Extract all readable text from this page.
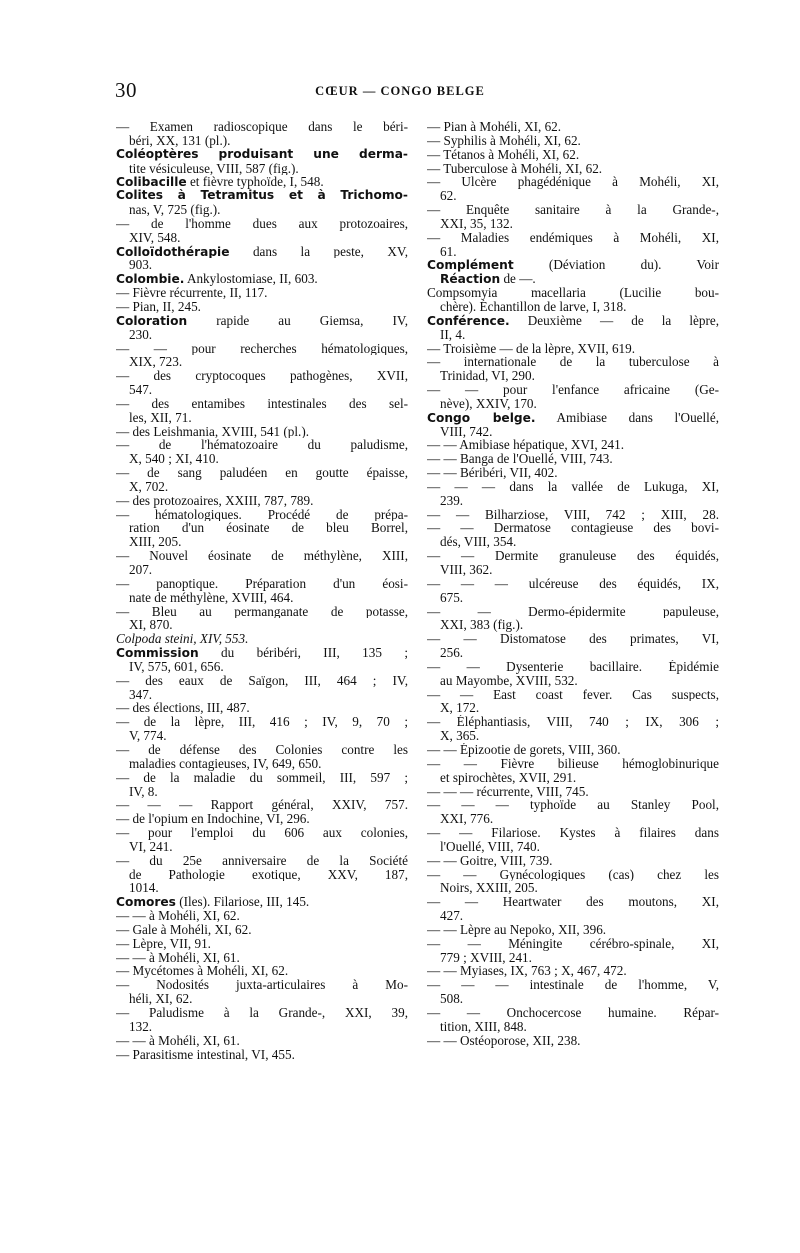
30	CŒUR — CONGO BELGE
— Examen radioscopique dans le béri-
béri, XX, 131 (pl.).
Coléoptères produisant une derma-
tite vésiculeuse, VIII, 587 (fig.).
Colibacille et fièvre typhoïde, I, 548.
Colites à Tetramitus et à Trichomo-
nas, V, 725 (fig.).
— de l'homme dues aux protozoaires,
XIV, 548.
Colloïdothérapie dans la peste, XV,
903.
Colombie. Ankylostomiase, II, 603.
— Fièvre récurrente, II, 117.
— Pian, II, 245.
Coloration rapide au Giemsa, IV,
230.
— — pour recherches hématologiques,
XIX, 723.
— des cryptocoques pathogènes, XVII,
547.
— des entamibes intestinales des sel-
les, XII, 71.
— des Leishmania, XVIII, 541 (pl.).
— de l'hématozoaire du paludisme,
X, 540 ; XI, 410.
— de sang paludéen en goutte épaisse,
X, 702.
— des protozoaires, XXIII, 787, 789.
— hématologiques. Procédé de prépa-
ration d'un éosinate de bleu Borrel,
XIII, 205.
— Nouvel éosinate de méthylène, XIII,
207.
— panoptique. Préparation d'un éosi-
nate de méthylène, XVIII, 464.
— Bleu au permanganate de potasse,
XI, 870.
Colpoda steini, XIV, 553.
Commission du béribéri, III, 135 ;
IV, 575, 601, 656.
— des eaux de Saïgon, III, 464 ; IV,
347.
— des élections, III, 487.
— de la lèpre, III, 416 ; IV, 9, 70 ;
V, 774.
— de défense des Colonies contre les
maladies contagieuses, IV, 649, 650.
— de la maladie du sommeil, III, 597 ;
IV, 8.
— — — Rapport général, XXIV, 757.
— de l'opium en Indochine, VI, 296.
— pour l'emploi du 606 aux colonies,
VI, 241.
— du 25e anniversaire de la Société
de Pathologie exotique, XXV, 187,
1014.
Comores (Iles). Filariose, III, 145.
— — à Mohéli, XI, 62.
— Gale à Mohéli, XI, 62.
— Lèpre, VII, 91.
— — à Mohéli, XI, 61.
— Mycétomes à Mohéli, XI, 62.
— Nodosités juxta-articulaires à Mo-
héli, XI, 62.
— Paludisme à la Grande-, XXI, 39,
132.
— — à Mohéli, XI, 61.
— Parasitisme intestinal, VI, 455.
— Pian à Mohéli, XI, 62.
— Syphilis à Mohéli, XI, 62.
— Tétanos à Mohéli, XI, 62.
— Tuberculose à Mohéli, XI, 62.
— Ulcère phagédénique à Mohéli, XI,
62.
— Enquête sanitaire à la Grande-,
XXI, 35, 132.
— Maladies endémiques à Mohéli, XI,
61.
Complément (Déviation du). Voir
Réaction de —.
Compsomyia macellaria (Lucilie bou-
chère). Échantillon de larve, I, 318.
Conférence. Deuxième — de la lèpre,
II, 4.
— Troisième — de la lèpre, XVII, 619.
— internationale de la tuberculose à
Trinidad, VI, 290.
— — pour l'enfance africaine (Ge-
nève), XXIV, 170.
Congo belge. Amibiase dans l'Ouellé,
VIII, 742.
— — Amibiase hépatique, XVI, 241.
— — Banga de l'Ouellé, VIII, 743.
— — Béribéri, VII, 402.
— — — dans la vallée de Lukuga, XI,
239.
— — Bilharziose, VIII, 742 ; XIII, 28.
— — Dermatose contagieuse des bovi-
dés, VIII, 354.
— — Dermite granuleuse des équidés,
VIII, 362.
— — — ulcéreuse des équidés, IX,
675.
— — Dermo-épidermite papuleuse,
XXI, 383 (fig.).
— — Distomatose des primates, VI,
256.
— — Dysenterie bacillaire. Épidémie
au Mayombe, XVIII, 532.
— — East coast fever. Cas suspects,
X, 172.
— Éléphantiasis, VIII, 740 ; IX, 306 ;
X, 365.
— — Épizootie de gorets, VIII, 360.
— — Fièvre bilieuse hémoglobinurique
et spirochètes, XVII, 291.
— — — récurrente, VIII, 745.
— — — typhoïde au Stanley Pool,
XXI, 776.
— — Filariose. Kystes à filaires dans
l'Ouellé, VIII, 740.
— — Goitre, VIII, 739.
— — Gynécologiques (cas) chez les
Noirs, XXIII, 205.
— — Heartwater des moutons, XI,
427.
— — Lèpre au Nepoko, XII, 396.
— — Méningite cérébro-spinale, XI,
779 ; XVIII, 241.
— — Myiases, IX, 763 ; X, 467, 472.
— — — intestinale de l'homme, V,
508.
— — Onchocercose humaine. Répar-
tition, XIII, 848.
— — Ostéoporose, XII, 238.
